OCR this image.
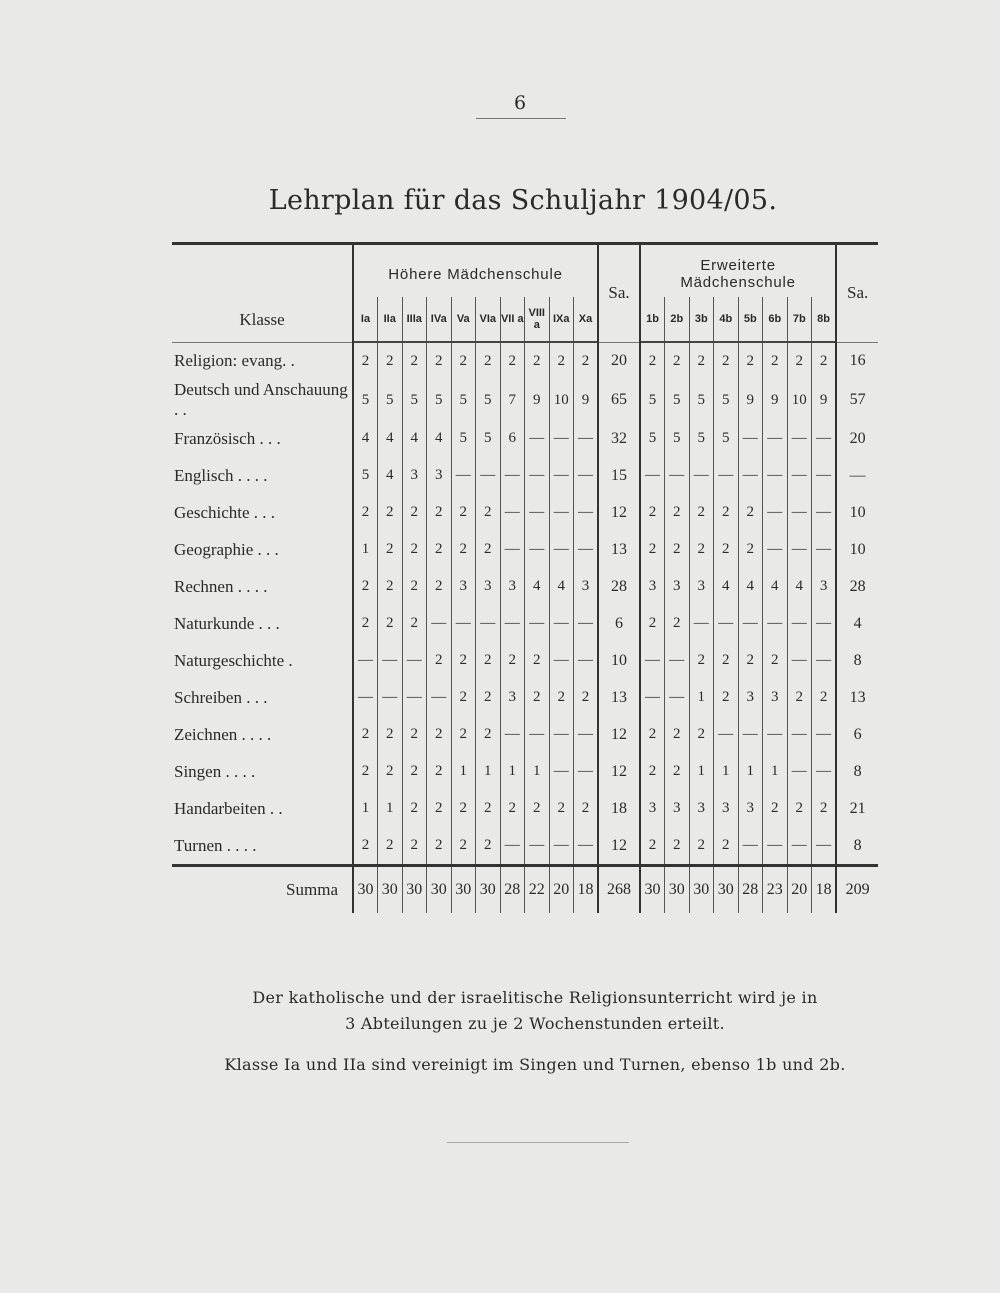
6
Lehrplan für das Schuljahr 1904/05.
Klasse	Höhere Mädchenschule										Sa.	Erweiterte Mädchenschule								Sa.
	Ia	IIa	IIIa	IVa	Va	VIa	VII a	VIII a	IXa	Xa		1b	2b	3b	4b	5b	6b	7b	8b	
Religion: evang. .	2	2	2	2	2	2	2	2	2	2	20	2	2	2	2	2	2	2	2	16
Deutsch und Anschauung . .	5	5	5	5	5	5	7	9	10	9	65	5	5	5	5	9	9	10	9	57
Französisch . . .	4	4	4	4	5	5	6	—	—	—	32	5	5	5	5	—	—	—	—	20
Englisch . . . .	5	4	3	3	—	—	—	—	—	—	15	—	—	—	—	—	—	—	—	—
Geschichte . . .	2	2	2	2	2	2	—	—	—	—	12	2	2	2	2	2	—	—	—	10
Geographie . . .	1	2	2	2	2	2	—	—	—	—	13	2	2	2	2	2	—	—	—	10
Rechnen . . . .	2	2	2	2	3	3	3	4	4	3	28	3	3	3	4	4	4	4	3	28
Naturkunde . . .	2	2	2	—	—	—	—	—	—	—	6	2	2	—	—	—	—	—	—	4
Naturgeschichte .	—	—	—	2	2	2	2	2	—	—	10	—	—	2	2	2	2	—	—	8
Schreiben . . .	—	—	—	—	2	2	3	2	2	2	13	—	—	1	2	3	3	2	2	13
Zeichnen . . . .	2	2	2	2	2	2	—	—	—	—	12	2	2	2	—	—	—	—	—	6
Singen . . . .	2	2	2	2	1	1	1	1	—	—	12	2	2	1	1	1	1	—	—	8
Handarbeiten . .	1	1	2	2	2	2	2	2	2	2	18	3	3	3	3	3	2	2	2	21
Turnen . . . .	2	2	2	2	2	2	—	—	—	—	12	2	2	2	2	—	—	—	—	8
Summa	30	30	30	30	30	30	28	22	20	18	268	30	30	30	30	28	23	20	18	209
Der katholische und der israelitische Religionsunterricht wird je in
3 Abteilungen zu je 2 Wochenstunden erteilt.
Klasse Ia und IIa sind vereinigt im Singen und Turnen, ebenso 1b und 2b.
